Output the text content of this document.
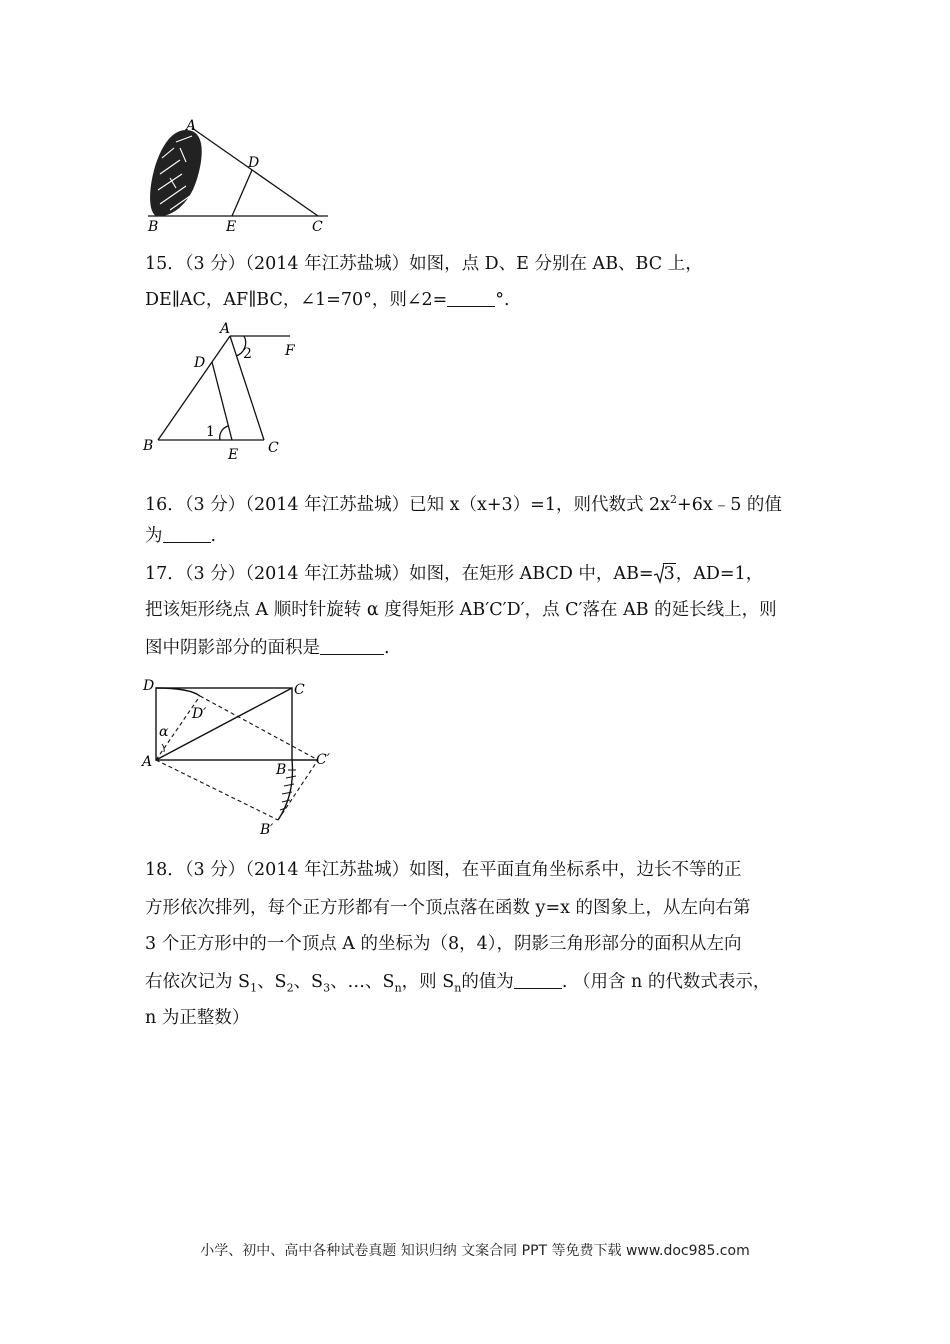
A
D
B	E	C
15．（3 分）（2014 年江苏盐城）如图，点 D、E 分别在 AB、BC 上，
DE∥AC，AF∥BC，∠1=70°，则∠2=	°.
A
D
F
2
1
B
E C
16．（3 分）（2014 年江苏盐城）已知 x（x+3）=1，则代数式 $2x^2+6x﹣5$ 的值
为	.
17．（3 分）（2014 年江苏盐城）如图，在矩形 ABCD 中，AB= 3，AD=1，
把该矩形绕点 A 顺时针旋转 α 度得矩形 AB′C′D′，点 C′落在 AB 的延长线上，则
图中阴影部分的面积是	.
D	C
D′
α
A	B
C′
B′
18．（3 分）（2014 年江苏盐城）如图，在平面直角坐标系中，边长不等的正
方形依次排列，每个正方形都有一个顶点落在函数 y=x 的图象上，从左向右第
3 个正方形中的一个顶点 A 的坐标为（8，4），阴影三角形部分的面积从左向
右依次记为 $S_1$、$S_2$、$S_3$、…、$S_n$，则 $S_n$的值为	. （用含 n 的代数式表示，
n 为正整数）
小学、初中、高中各种试卷真题 知识归纳 文案合同 PPT 等免费下载 www.doc985.com
